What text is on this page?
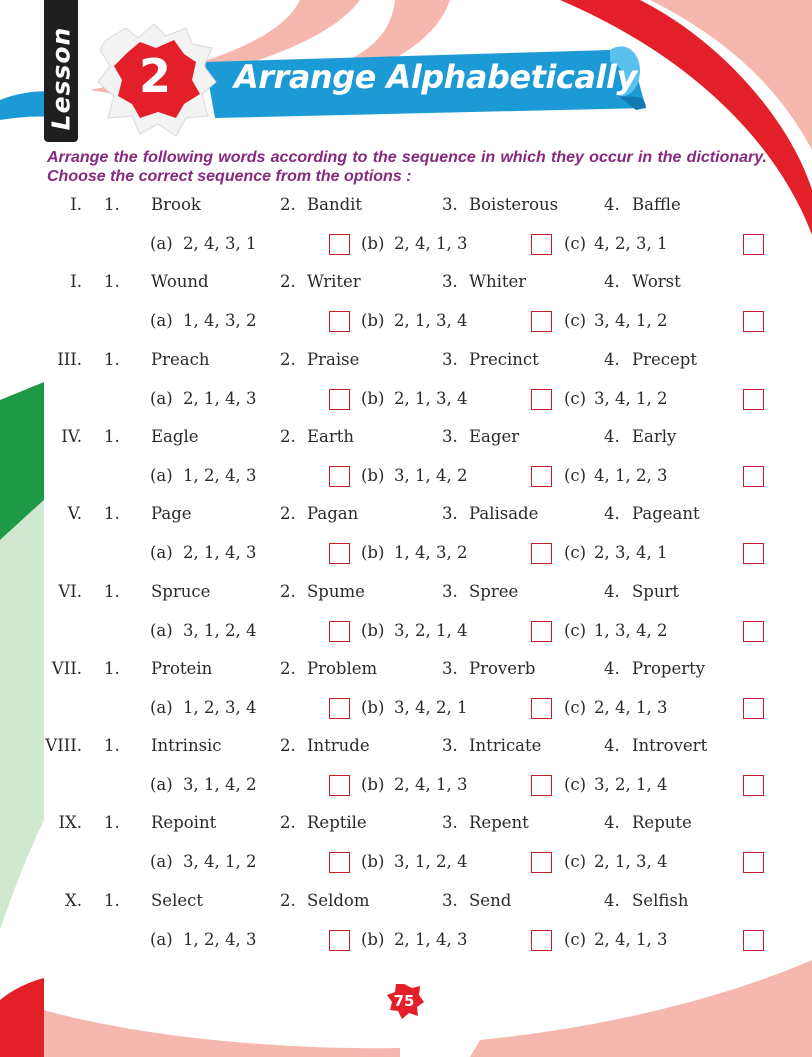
Lesson	2	Arrange Alphabetically
Arrange the following words according to the sequence in which they occur in the dictionary. Choose the correct sequence from the options :
I. 1. Brook	2. Bandit	3. Boisterous	4. Baffle
(a) 2, 4, 3, 1	(b) 2, 4, 1, 3	(c) 4, 2, 3, 1
I. 1. Wound	2. Writer	3. Whiter	4. Worst
(a) 1, 4, 3, 2	(b) 2, 1, 3, 4	(c) 3, 4, 1, 2
III. 1. Preach	2. Praise	3. Precinct	4. Precept
(a) 2, 1, 4, 3	(b) 2, 1, 3, 4	(c) 3, 4, 1, 2
IV. 1. Eagle	2. Earth	3. Eager	4. Early
(a) 1, 2, 4, 3	(b) 3, 1, 4, 2	(c) 4, 1, 2, 3
V. 1. Page	2. Pagan	3. Palisade	4. Pageant
(a) 2, 1, 4, 3	(b) 1, 4, 3, 2	(c) 2, 3, 4, 1
VI. 1. Spruce	2. Spume	3. Spree	4. Spurt
(a) 3, 1, 2, 4	(b) 3, 2, 1, 4	(c) 1, 3, 4, 2
VII. 1. Protein	2. Problem	3. Proverb	4. Property
(a) 1, 2, 3, 4	(b) 3, 4, 2, 1	(c) 2, 4, 1, 3
VIII. 1. Intrinsic	2. Intrude	3. Intricate	4. Introvert
(a) 3, 1, 4, 2	(b) 2, 4, 1, 3	(c) 3, 2, 1, 4
IX. 1. Repoint	2. Reptile	3. Repent	4. Repute
(a) 3, 4, 1, 2	(b) 3, 1, 2, 4	(c) 2, 1, 3, 4
X. 1. Select	2. Seldom	3. Send	4. Selfish
(a) 1, 2, 4, 3	(b) 2, 1, 4, 3	(c) 2, 4, 1, 3
75
